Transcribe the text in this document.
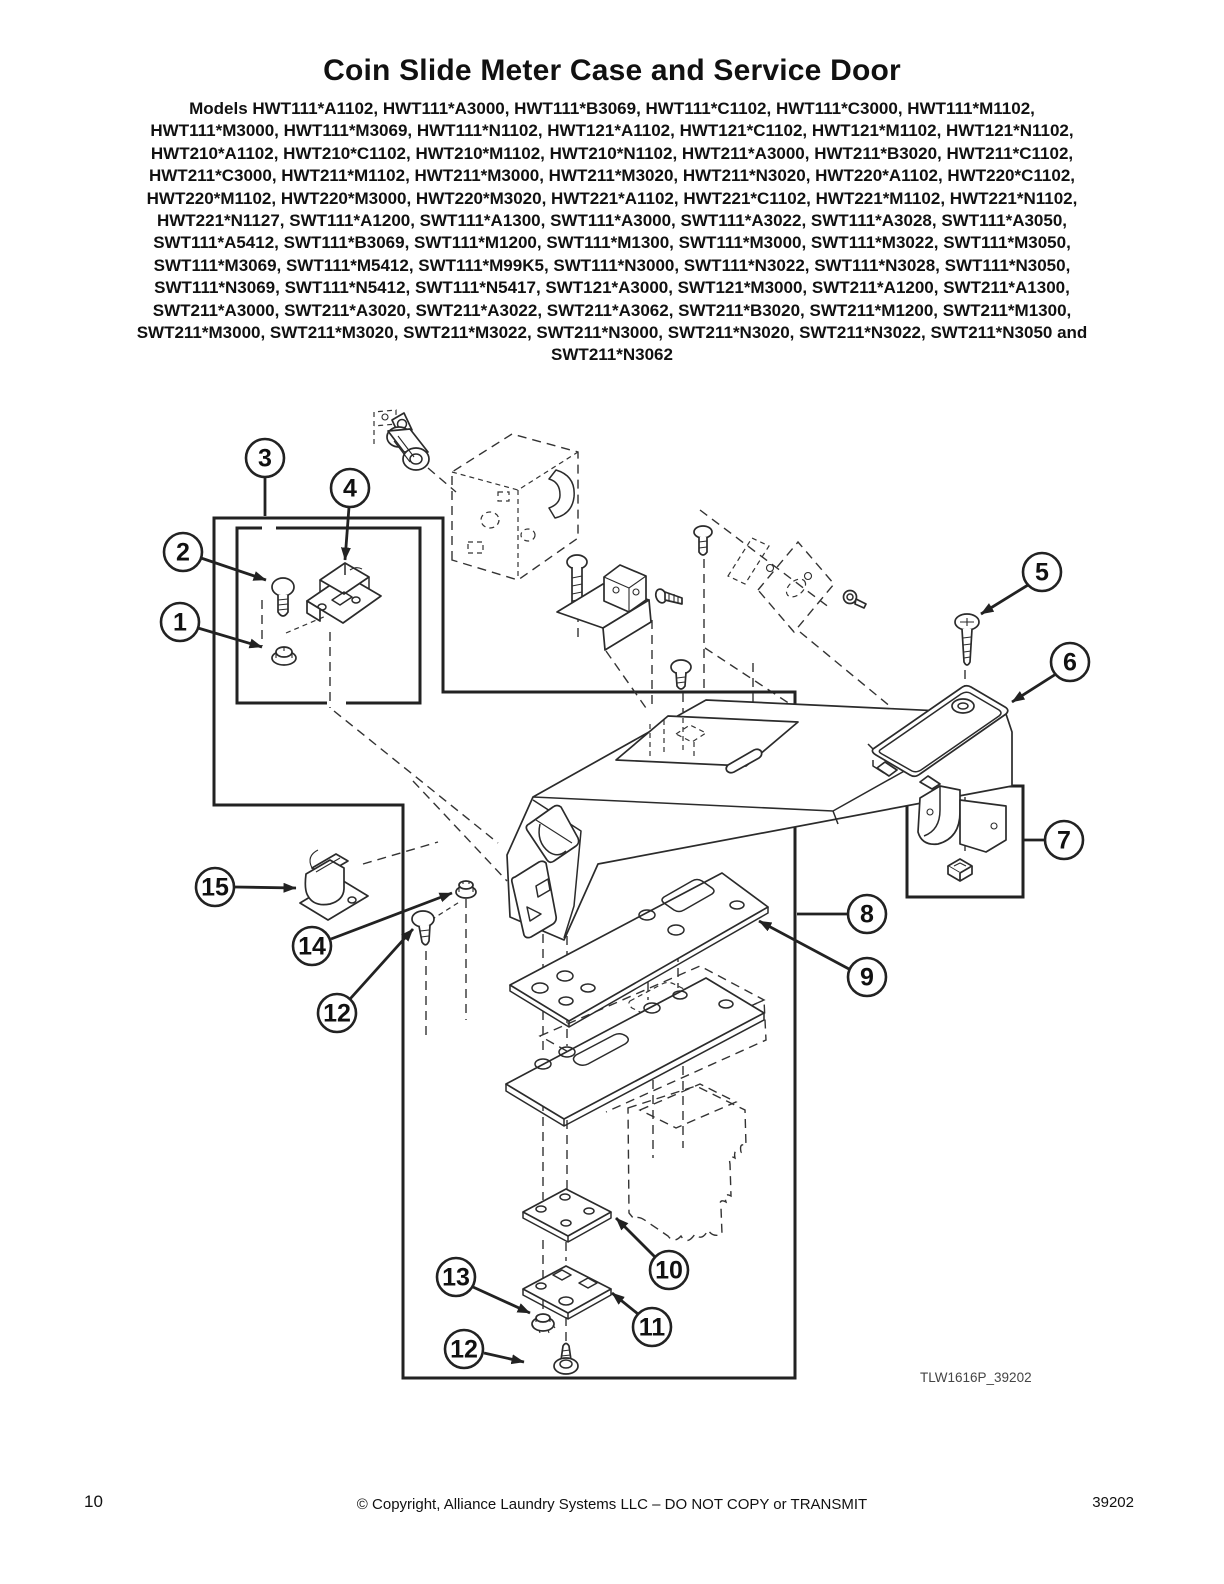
Coin Slide Meter Case and Service Door
Models HWT111*A1102, HWT111*A3000, HWT111*B3069, HWT111*C1102, HWT111*C3000, HWT111*M1102,
HWT111*M3000, HWT111*M3069, HWT111*N1102, HWT121*A1102, HWT121*C1102, HWT121*M1102, HWT121*N1102,
HWT210*A1102, HWT210*C1102, HWT210*M1102, HWT210*N1102, HWT211*A3000, HWT211*B3020, HWT211*C1102,
HWT211*C3000, HWT211*M1102, HWT211*M3000, HWT211*M3020, HWT211*N3020, HWT220*A1102, HWT220*C1102,
HWT220*M1102, HWT220*M3000, HWT220*M3020, HWT221*A1102, HWT221*C1102, HWT221*M1102, HWT221*N1102,
HWT221*N1127, SWT111*A1200, SWT111*A1300, SWT111*A3000, SWT111*A3022, SWT111*A3028, SWT111*A3050,
SWT111*A5412, SWT111*B3069, SWT111*M1200, SWT111*M1300, SWT111*M3000, SWT111*M3022, SWT111*M3050,
SWT111*M3069, SWT111*M5412, SWT111*M99K5, SWT111*N3000, SWT111*N3022, SWT111*N3028, SWT111*N3050,
SWT111*N3069, SWT111*N5412, SWT111*N5417, SWT121*A3000, SWT121*M3000, SWT211*A1200, SWT211*A1300,
SWT211*A3000, SWT211*A3020, SWT211*A3022, SWT211*A3062, SWT211*B3020, SWT211*M1200, SWT211*M1300,
SWT211*M3000, SWT211*M3020, SWT211*M3022, SWT211*N3000, SWT211*N3020, SWT211*N3022, SWT211*N3050 and
SWT211*N3062
3
4
2
1
5
6
7
8
9
15
14
12
13
12
10
11
TLW1616P_39202
10	© Copyright, Alliance Laundry Systems LLC – DO NOT COPY or TRANSMIT	39202
